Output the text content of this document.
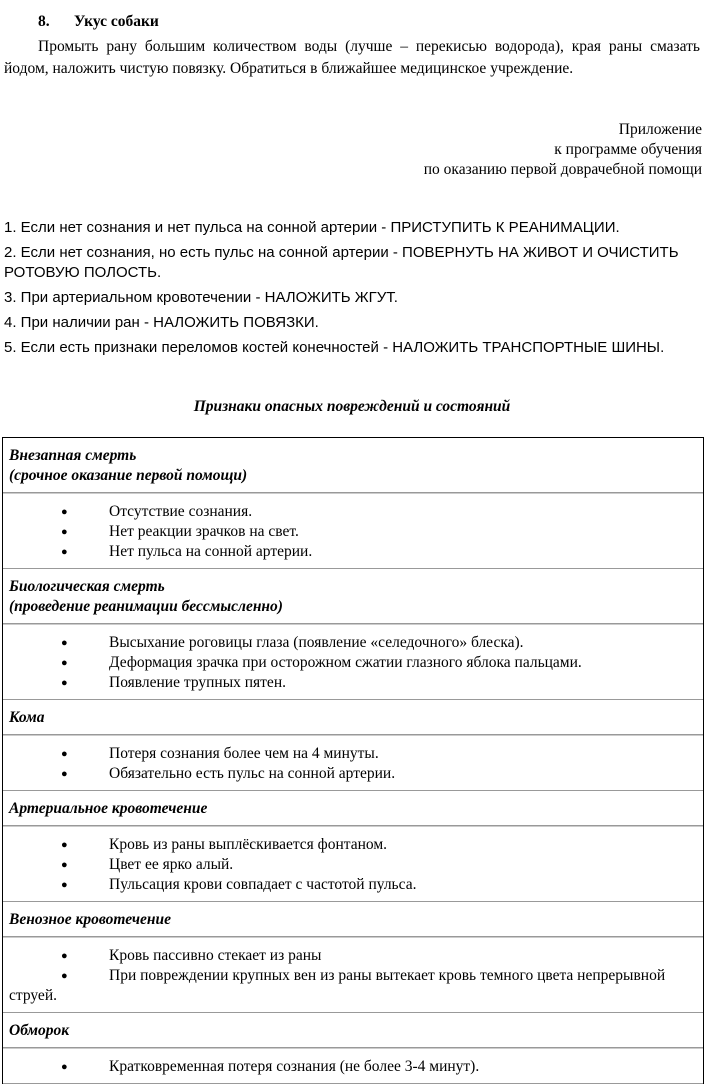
8. Укус собаки
Промыть рану большим количеством воды (лучше – перекисью водорода), края раны смазать йодом, наложить чистую повязку. Обратиться в ближайшее медицинское учреждение.
Приложение
к программе обучения
по оказанию первой доврачебной помощи
1. Если нет сознания и нет пульса на сонной артерии - ПРИСТУПИТЬ К РЕАНИМАЦИИ.
2. Если нет сознания, но есть пульс на сонной артерии - ПОВЕРНУТЬ НА ЖИВОТ И ОЧИСТИТЬ РОТОВУЮ ПОЛОСТЬ.
3. При артериальном кровотечении - НАЛОЖИТЬ ЖГУТ.
4. При наличии ран - НАЛОЖИТЬ ПОВЯЗКИ.
5. Если есть признаки переломов костей конечностей - НАЛОЖИТЬ ТРАНСПОРТНЫЕ ШИНЫ.
Признаки опасных повреждений и состояний
Внезапная смерть
(срочное оказание первой помощи)
●	Отсутствие сознания.
●	Нет реакции зрачков на свет.
●	Нет пульса на сонной артерии.
Биологическая смерть
(проведение реанимации бессмысленно)
●	Высыхание роговицы глаза (появление «селедочного» блеска).
●	Деформация зрачка при осторожном сжатии глазного яблока пальцами.
●	Появление трупных пятен.
Кома
●	Потеря сознания более чем на 4 минуты.
●	Обязательно есть пульс на сонной артерии.
Артериальное кровотечение
●	Кровь из раны выплёскивается фонтаном.
●	Цвет ее ярко алый.
●	Пульсация крови совпадает с частотой пульса.
Венозное кровотечение
●	Кровь пассивно стекает из раны
●	При повреждении крупных вен из раны вытекает кровь темного цвета непрерывной струей.
Обморок
●	Кратковременная потеря сознания (не более 3-4 минут).
